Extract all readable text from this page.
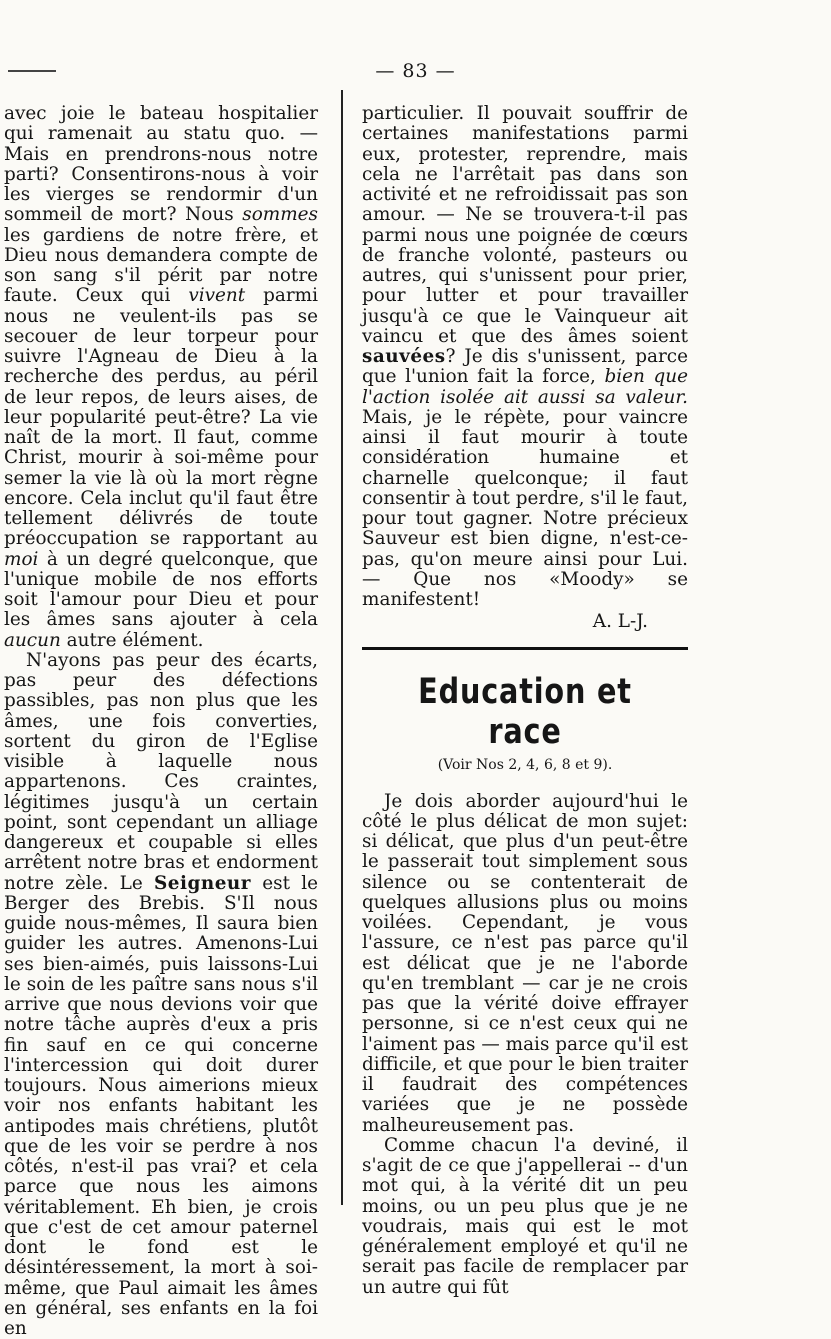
— 83 —

avec joie le bateau hospitalier qui ramenait au statu quo. — Mais en prendrons-nous notre parti? Consentirons-nous à voir les vierges se rendormir d'un sommeil de mort? Nous sommes les gardiens de notre frère, et Dieu nous demandera compte de son sang s'il périt par notre faute. Ceux qui vivent parmi nous ne veulent-ils pas se secouer de leur torpeur pour suivre l'Agneau de Dieu à la recherche des perdus, au péril de leur repos, de leurs aises, de leur popularité peut-être? La vie naît de la mort. Il faut, comme Christ, mourir à soi-même pour semer la vie là où la mort règne encore. Cela inclut qu'il faut être tellement délivrés de toute préoccupation se rapportant au moi à un degré quelconque, que l'unique mobile de nos efforts soit l'amour pour Dieu et pour les âmes sans ajouter à cela aucun autre élément.

N'ayons pas peur des écarts, pas peur des défections passibles, pas non plus que les âmes, une fois converties, sortent du giron de l'Eglise visible à laquelle nous appartenons. Ces craintes, légitimes jusqu'à un certain point, sont cependant un alliage dangereux et coupable si elles arrêtent notre bras et endorment notre zèle. Le Seigneur est le Berger des Brebis. S'Il nous guide nous-mêmes, Il saura bien guider les autres. Amenons-Lui ses bien-aimés, puis laissons-Lui le soin de les paître sans nous s'il arrive que nous devions voir que notre tâche auprès d'eux a pris fin sauf en ce qui concerne l'intercession qui doit durer toujours. Nous aimerions mieux voir nos enfants habitant les antipodes mais chrétiens, plutôt que de les voir se perdre à nos côtés, n'est-il pas vrai? et cela parce que nous les aimons véritablement. Eh bien, je crois que c'est de cet amour paternel dont le fond est le désintéressement, la mort à soi-même, que Paul aimait les âmes en général, ses enfants en la foi en

particulier. Il pouvait souffrir de certaines manifestations parmi eux, protester, reprendre, mais cela ne l'arrêtait pas dans son activité et ne refroidissait pas son amour. — Ne se trouvera-t-il pas parmi nous une poignée de cœurs de franche volonté, pasteurs ou autres, qui s'unissent pour prier, pour lutter et pour travailler jusqu'à ce que le Vainqueur ait vaincu et que des âmes soient sauvées? Je dis s'unissent, parce que l'union fait la force, bien que l'action isolée ait aussi sa valeur. Mais, je le répète, pour vaincre ainsi il faut mourir à toute considération humaine et charnelle quelconque; il faut consentir à tout perdre, s'il le faut, pour tout gagner. Notre précieux Sauveur est bien digne, n'est-ce-pas, qu'on meure ainsi pour Lui. — Que nos «Moody» se manifestent!

A. L-J.

Education et race

(Voir Nos 2, 4, 6, 8 et 9).

Je dois aborder aujourd'hui le côté le plus délicat de mon sujet: si délicat, que plus d'un peut-être le passerait tout simplement sous silence ou se contenterait de quelques allusions plus ou moins voilées. Cependant, je vous l'assure, ce n'est pas parce qu'il est délicat que je ne l'aborde qu'en tremblant — car je ne crois pas que la vérité doive effrayer personne, si ce n'est ceux qui ne l'aiment pas — mais parce qu'il est difficile, et que pour le bien traiter il faudrait des compétences variées que je ne possède malheureusement pas.

Comme chacun l'a deviné, il s'agit de ce que j'appellerai -- d'un mot qui, à la vérité dit un peu moins, ou un peu plus que je ne voudrais, mais qui est le mot généralement employé et qu'il ne serait pas facile de remplacer par un autre qui fût
